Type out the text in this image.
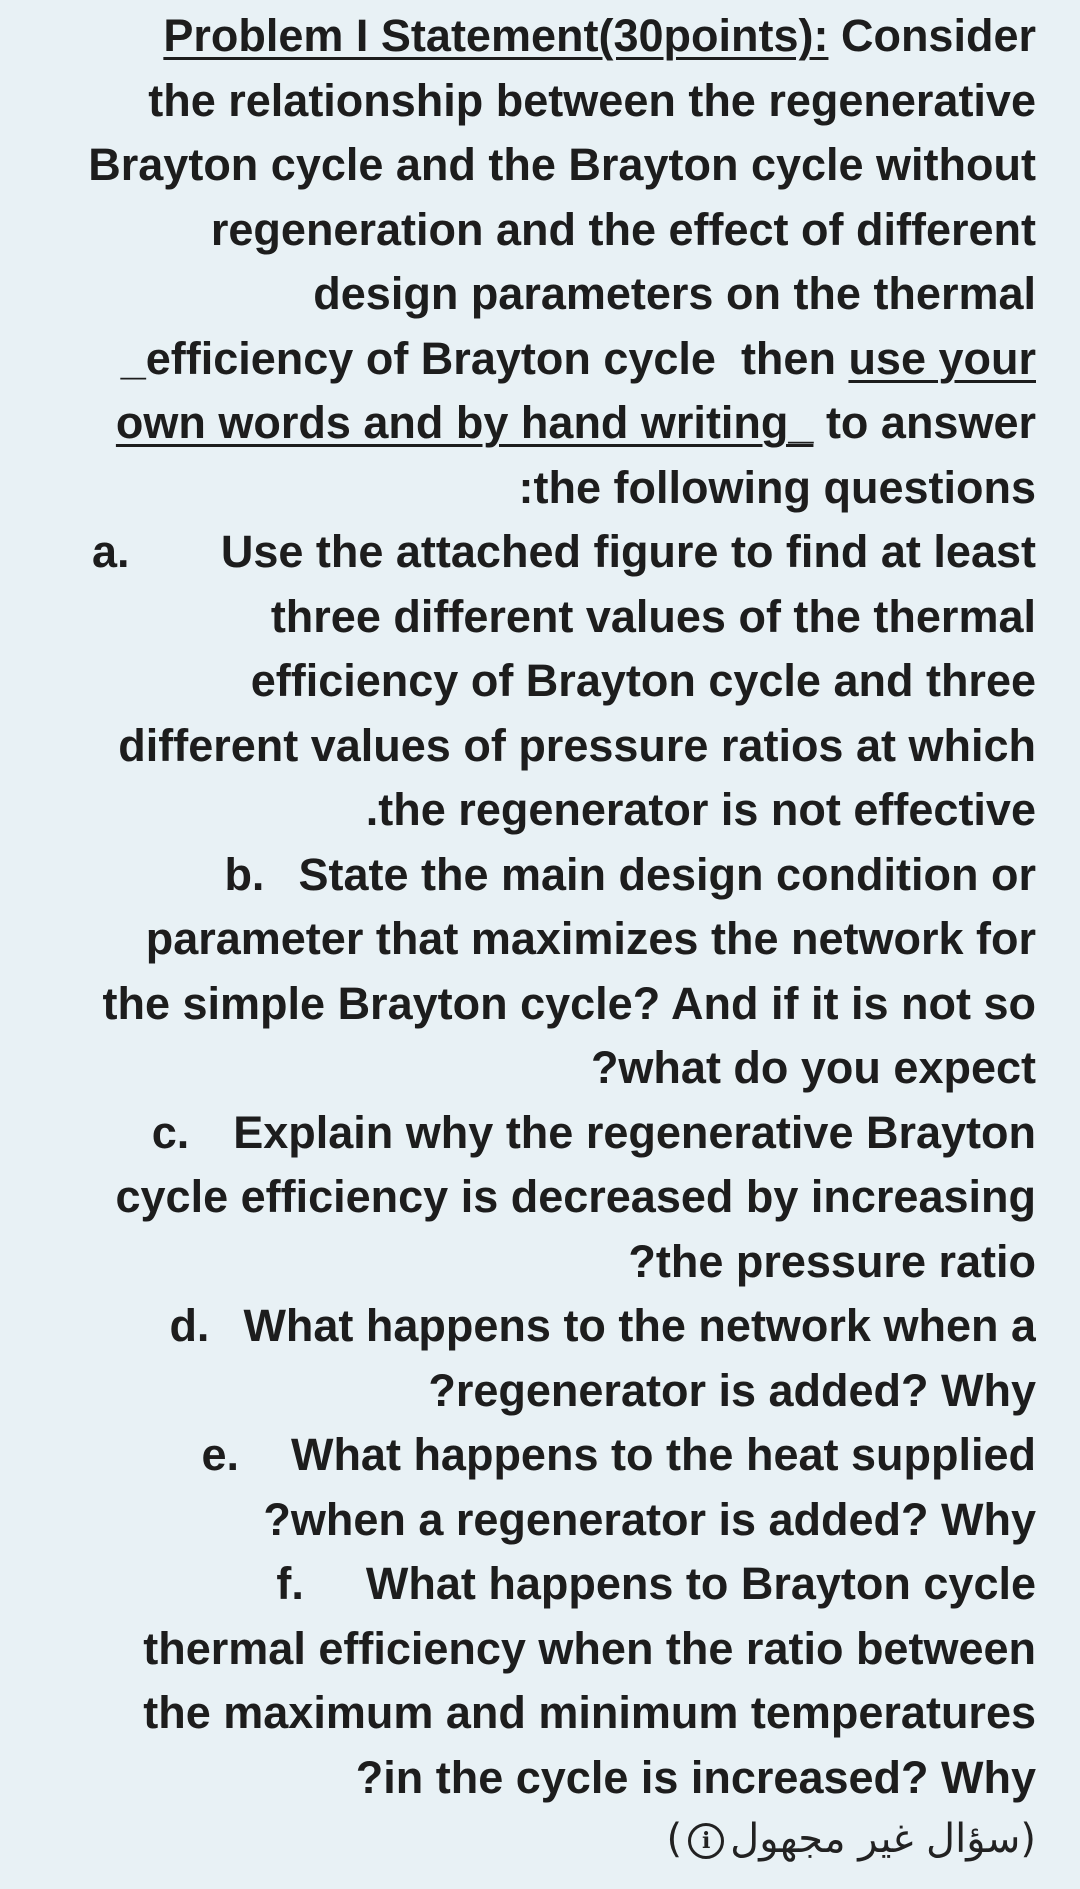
Problem I Statement(30points): Consider
the relationship between the regenerative
Brayton cycle and the Brayton cycle without
regeneration and the effect of different
design parameters on the thermal
_efficiency of Brayton cycle  then use your
own words and by hand writing_ to answer
:the following questions
a. Use the attached figure to find at least
three different values of the thermal
efficiency of Brayton cycle and three
different values of pressure ratios at which
.the regenerator is not effective
b. State the main design condition or
parameter that maximizes the network for
the simple Brayton cycle? And if it is not so
?what do you expect
c. Explain why the regenerative Brayton
cycle efficiency is decreased by increasing
?the pressure ratio
d. What happens to the network when a
?regenerator is added? Why
e. What happens to the heat supplied
?when a regenerator is added? Why
f. What happens to Brayton cycle
thermal efficiency when the ratio between
the maximum and minimum temperatures
?in the cycle is increased? Why
( i سؤال غير مجهول)
